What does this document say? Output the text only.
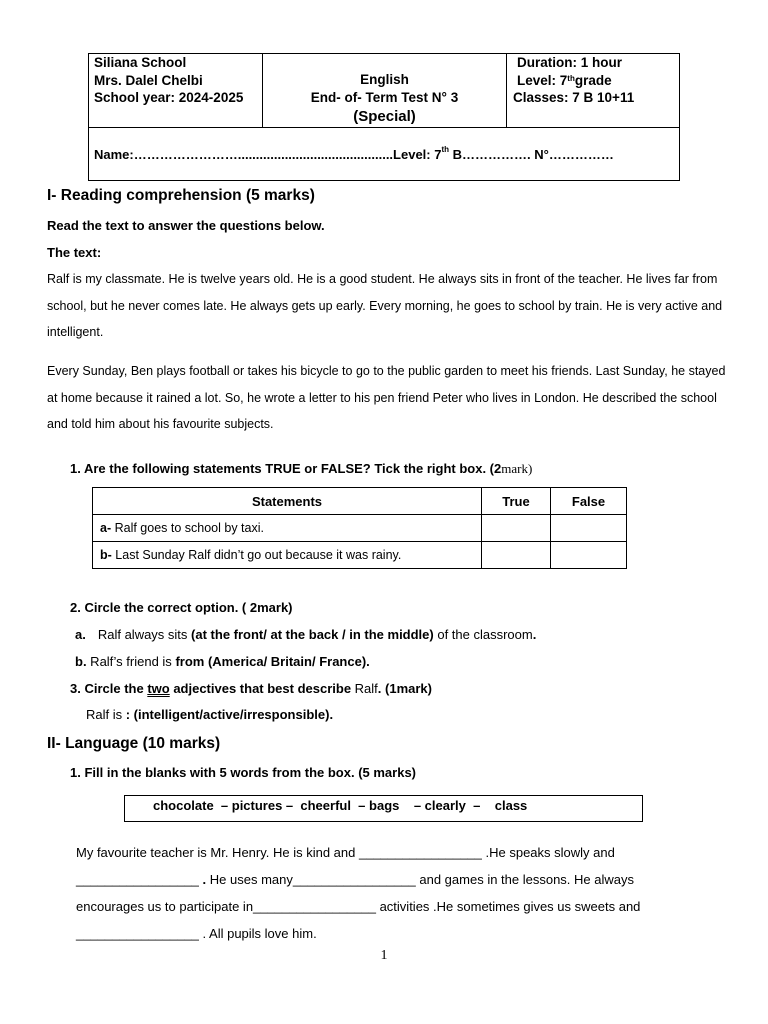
Siliana School
Mrs. Dalel Chelbi
School year: 2024-2025
English
End- of- Term Test N° 3
(Special)
Duration: 1 hour
Level: 7thgrade
Classes: 7 B 10+11
Name:……………………...........................................Level: 7th B……………. N°……………
I- Reading comprehension (5 marks)
Read the text to answer the questions below.
The text:
Ralf is my classmate. He is twelve years old. He is a good student. He always sits in front of the teacher. He lives far from school, but he never comes late. He always gets up early. Every morning, he goes to school by train. He is very active and intelligent.
Every Sunday, Ben plays football or takes his bicycle to go to the public garden to meet his friends. Last Sunday, he stayed at home because it rained a lot. So, he wrote a letter to his pen friend Peter who lives in London. He described the school and told him about his favourite subjects.
1. Are the following statements TRUE or FALSE? Tick the right box. (2mark)
Statements	True	False
a- Ralf goes to school by taxi.		
b- Last Sunday Ralf didn’t go out because it was rainy.		
2. Circle the correct option. ( 2mark)
a. Ralf always sits (at the front/ at the back / in the middle) of the classroom.
b. Ralf’s friend is from (America/ Britain/ France).
3. Circle the two adjectives that best describe Ralf. (1mark)
Ralf is : (intelligent/active/irresponsible).
II- Language (10 marks)
1. Fill in the blanks with 5 words from the box. (5 marks)
chocolate  – pictures –  cheerful  – bags    – clearly  –    class
My favourite teacher is Mr. Henry. He is kind and _________________ .He speaks slowly and
_________________ . He uses many_________________ and games in the lessons. He always
encourages us to participate in_________________ activities .He sometimes gives us sweets and
_________________ . All pupils love him.
1
